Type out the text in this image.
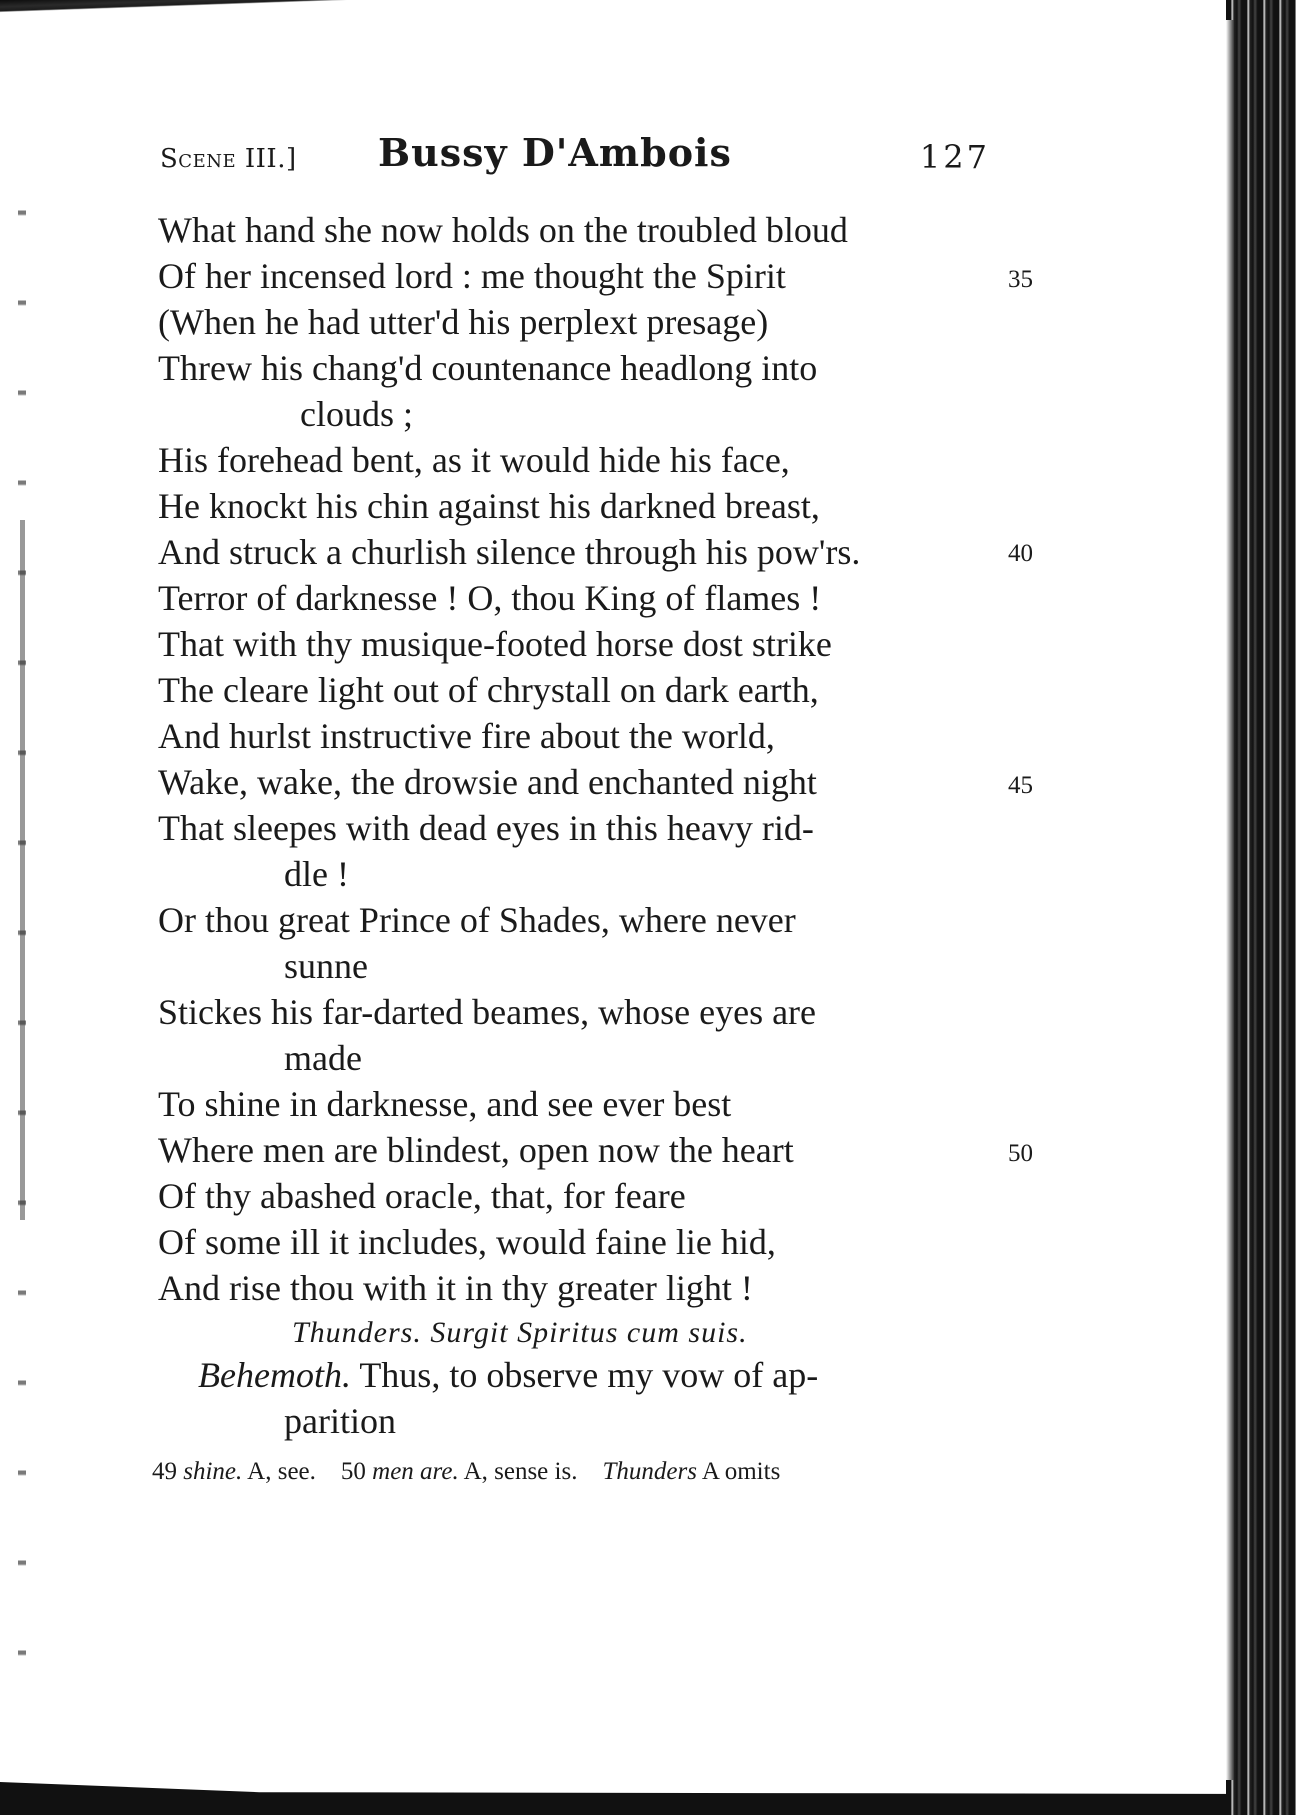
Scene III.] Bussy D'Ambois	127
What hand she now holds on the troubled bloud
Of her incensed lord : me thought the Spirit
(When he had utter'd his perplext presage)
Threw his chang'd countenance headlong into
clouds ;
His forehead bent, as it would hide his face,
He knockt his chin against his darkned breast,
And struck a churlish silence through his pow'rs.
Terror of darknesse ! O, thou King of flames !
That with thy musique-footed horse dost strike
The cleare light out of chrystall on dark earth,
And hurlst instructive fire about the world,
Wake, wake, the drowsie and enchanted night
That sleepes with dead eyes in this heavy rid-
dle !
Or thou great Prince of Shades, where never
sunne
Stickes his far-darted beames, whose eyes are
made
To shine in darknesse, and see ever best
Where men are blindest, open now the heart
Of thy abashed oracle, that, for feare
Of some ill it includes, would faine lie hid,
And rise thou with it in thy greater light !
35
40
45
50
Thunders. Surgit Spiritus cum suis.
Behemoth. Thus, to observe my vow of ap-
parition
49 shine. A, see. 50 men are. A, sense is. Thunders A omits
